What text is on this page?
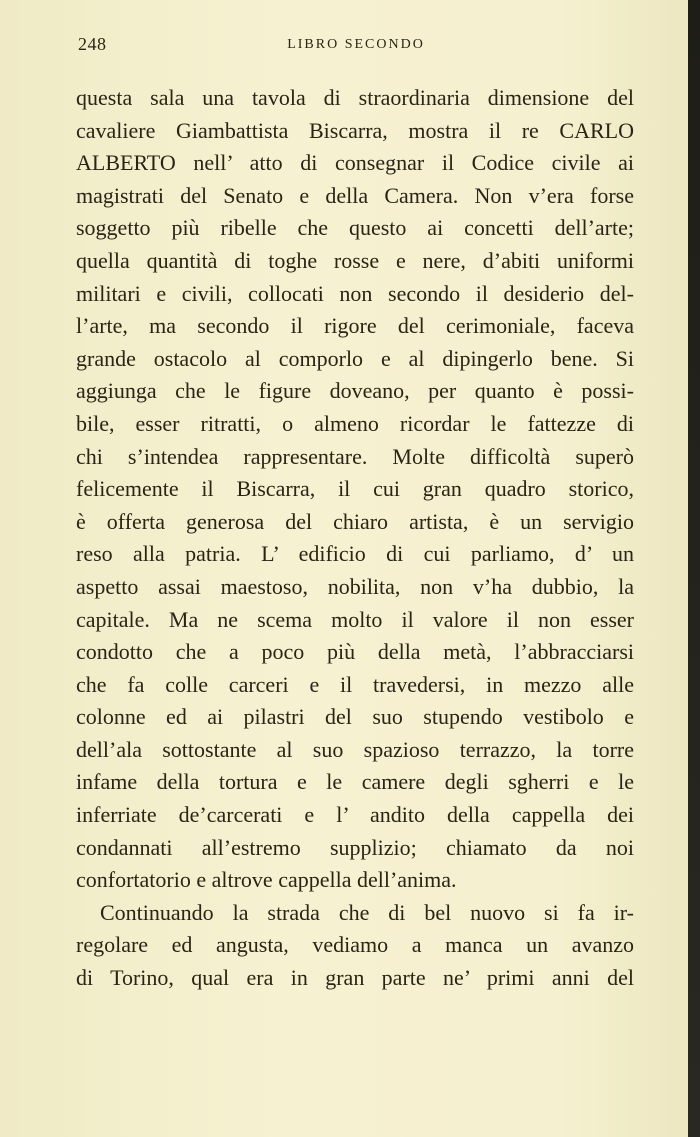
248	LIBRO SECONDO
questa sala una tavola di straordinaria dimensione del
cavaliere Giambattista Biscarra, mostra il re CARLO
ALBERTO nell’ atto di consegnar il Codice civile ai
magistrati del Senato e della Camera. Non v’era forse
soggetto più ribelle che questo ai concetti dell’arte;
quella quantità di toghe rosse e nere, d’abiti uniformi
militari e civili, collocati non secondo il desiderio del-
l’arte, ma secondo il rigore del cerimoniale, faceva
grande ostacolo al comporlo e al dipingerlo bene. Si
aggiunga che le figure doveano, per quanto è possi-
bile, esser ritratti, o almeno ricordar le fattezze di
chi s’intendea rappresentare. Molte difficoltà superò
felicemente il Biscarra, il cui gran quadro storico,
è offerta generosa del chiaro artista, è un servigio
reso alla patria. L’ edificio di cui parliamo, d’ un
aspetto assai maestoso, nobilita, non v’ha dubbio, la
capitale. Ma ne scema molto il valore il non esser
condotto che a poco più della metà, l’abbracciarsi
che fa colle carceri e il travedersi, in mezzo alle
colonne ed ai pilastri del suo stupendo vestibolo e
dell’ala sottostante al suo spazioso terrazzo, la torre
infame della tortura e le camere degli sgherri e le
inferriate de’carcerati e l’ andito della cappella dei
condannati all’estremo supplizio; chiamato da noi
confortatorio e altrove cappella dell’anima.
Continuando la strada che di bel nuovo si fa ir-
regolare ed angusta, vediamo a manca un avanzo
di Torino, qual era in gran parte ne’ primi anni del
